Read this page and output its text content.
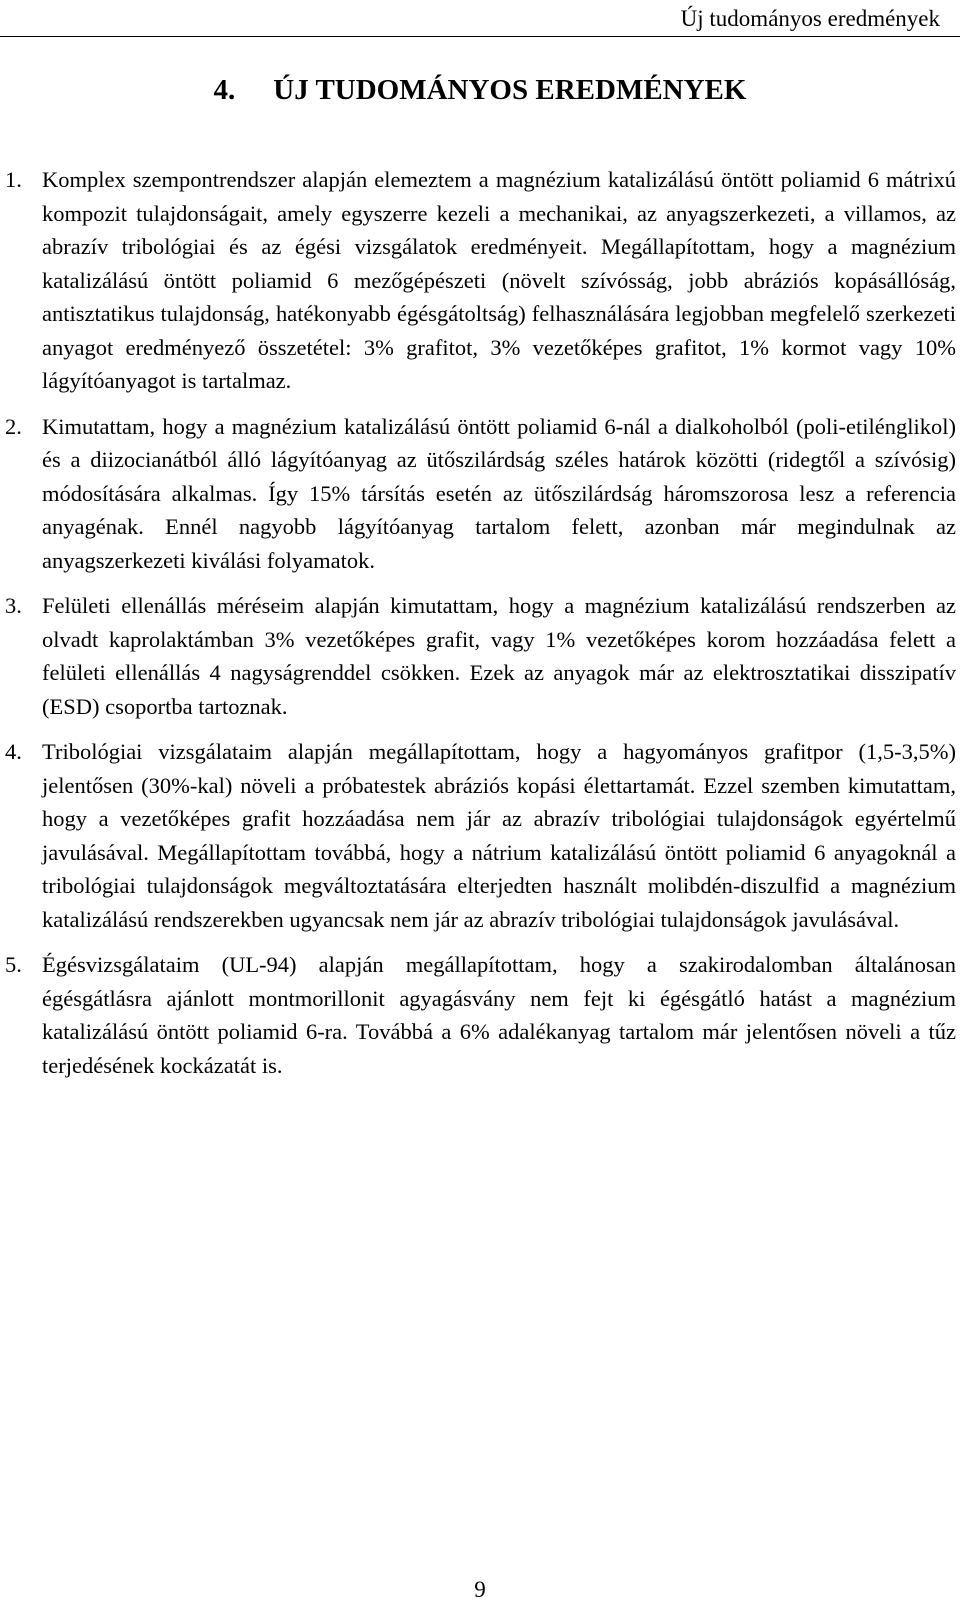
Új tudományos eredmények
4. ÚJ TUDOMÁNYOS EREDMÉNYEK
1. Komplex szempontrendszer alapján elemeztem a magnézium katalizálású öntött poliamid 6 mátrixú kompozit tulajdonságait, amely egyszerre kezeli a mechanikai, az anyagszerkezeti, a villamos, az abrazív tribológiai és az égési vizsgálatok eredményeit. Megállapítottam, hogy a magnézium katalizálású öntött poliamid 6 mezőgépészeti (növelt szívósság, jobb abráziós kopásállóság, antisztatikus tulajdonság, hatékonyabb égésgátoltság) felhasználására legjobban megfelelő szerkezeti anyagot eredményező összetétel: 3% grafitot, 3% vezetőképes grafitot, 1% kormot vagy 10% lágyítóanyagot is tartalmaz.
2. Kimutattam, hogy a magnézium katalizálású öntött poliamid 6-nál a dialkoholból (poli-etilénglikol) és a diizocianátból álló lágyítóanyag az ütőszilárdság széles határok közötti (ridegtől a szívósig) módosítására alkalmas. Így 15% társítás esetén az ütőszilárdság háromszorosa lesz a referencia anyagénak. Ennél nagyobb lágyítóanyag tartalom felett, azonban már megindulnak az anyagszerkezeti kiválási folyamatok.
3. Felületi ellenállás méréseim alapján kimutattam, hogy a magnézium katalizálású rendszerben az olvadt kaprolaktámban 3% vezetőképes grafit, vagy 1% vezetőképes korom hozzáadása felett a felületi ellenállás 4 nagyságrenddel csökken. Ezek az anyagok már az elektrosztatikai disszipatív (ESD) csoportba tartoznak.
4. Tribológiai vizsgálataim alapján megállapítottam, hogy a hagyományos grafitpor (1,5-3,5%) jelentősen (30%-kal) növeli a próbatestek abráziós kopási élettartamát. Ezzel szemben kimutattam, hogy a vezetőképes grafit hozzáadása nem jár az abrazív tribológiai tulajdonságok egyértelmű javulásával. Megállapítottam továbbá, hogy a nátrium katalizálású öntött poliamid 6 anyagoknál a tribológiai tulajdonságok megváltoztatására elterjedten használt molibdén-diszulfid a magnézium katalizálású rendszerekben ugyancsak nem jár az abrazív tribológiai tulajdonságok javulásával.
5. Égésvizsgálataim (UL-94) alapján megállapítottam, hogy a szakirodalomban általánosan égésgátlásra ajánlott montmorillonit agyagásvány nem fejt ki égésgátló hatást a magnézium katalizálású öntött poliamid 6-ra. Továbbá a 6% adalékanyag tartalom már jelentősen növeli a tűz terjedésének kockázatát is.
9
